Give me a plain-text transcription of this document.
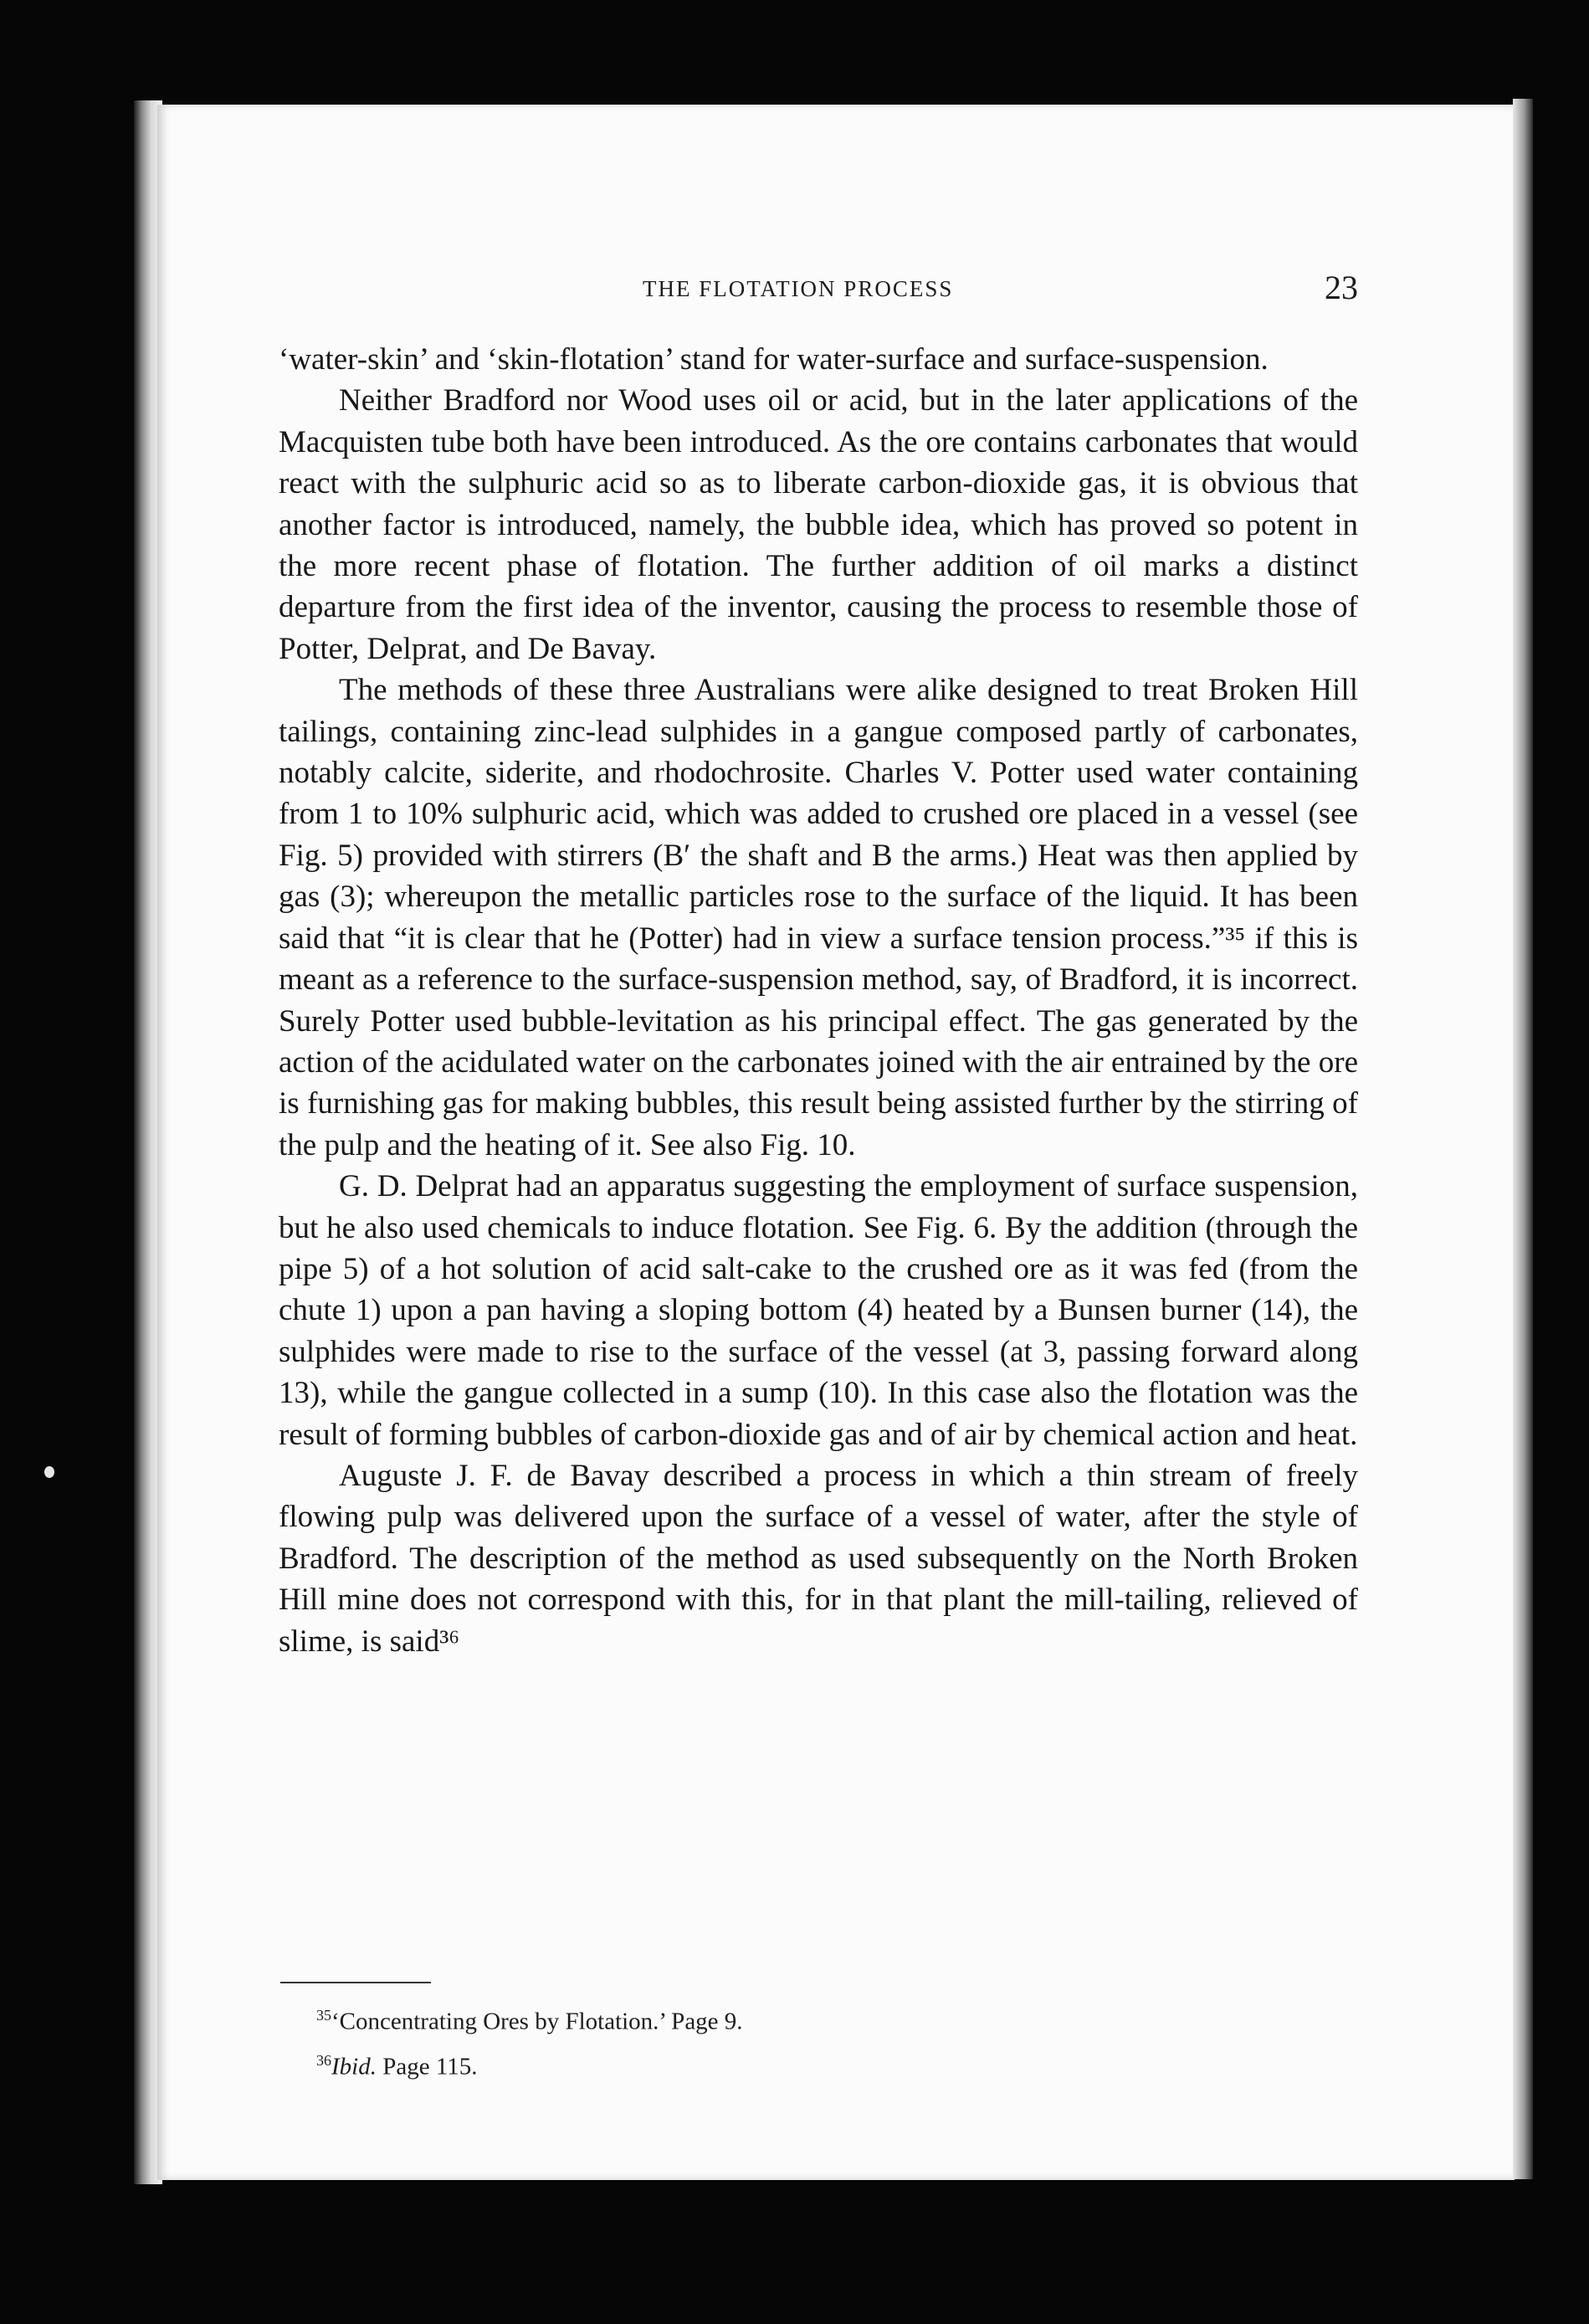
THE FLOTATION PROCESS	23

‘water-skin’ and ‘skin-flotation’ stand for water-surface and surface-suspension.

Neither Bradford nor Wood uses oil or acid, but in the later applications of the Macquisten tube both have been introduced. As the ore contains carbonates that would react with the sulphuric acid so as to liberate carbon-dioxide gas, it is obvious that another factor is introduced, namely, the bubble idea, which has proved so potent in the more recent phase of flotation. The further addition of oil marks a distinct departure from the first idea of the inventor, causing the process to resemble those of Potter, Delprat, and De Bavay.

The methods of these three Australians were alike designed to treat Broken Hill tailings, containing zinc-lead sulphides in a gangue composed partly of carbonates, notably calcite, siderite, and rhodochrosite. Charles V. Potter used water containing from 1 to 10% sulphuric acid, which was added to crushed ore placed in a vessel (see Fig. 5) provided with stirrers (B′ the shaft and B the arms.) Heat was then applied by gas (3); whereupon the metallic particles rose to the surface of the liquid. It has been said that “it is clear that he (Potter) had in view a surface tension process.”³⁵ if this is meant as a reference to the surface-suspension method, say, of Bradford, it is incorrect. Surely Potter used bubble-levitation as his principal effect. The gas generated by the action of the acidulated water on the carbonates joined with the air entrained by the ore is furnishing gas for making bubbles, this result being assisted further by the stirring of the pulp and the heating of it. See also Fig. 10.

G. D. Delprat had an apparatus suggesting the employment of surface suspension, but he also used chemicals to induce flotation. See Fig. 6. By the addition (through the pipe 5) of a hot solution of acid salt-cake to the crushed ore as it was fed (from the chute 1) upon a pan having a sloping bottom (4) heated by a Bunsen burner (14), the sulphides were made to rise to the surface of the vessel (at 3, passing forward along 13), while the gangue collected in a sump (10). In this case also the flotation was the result of forming bubbles of carbon-dioxide gas and of air by chemical action and heat.

Auguste J. F. de Bavay described a process in which a thin stream of freely flowing pulp was delivered upon the surface of a vessel of water, after the style of Bradford. The description of the method as used subsequently on the North Broken Hill mine does not correspond with this, for in that plant the mill-tailing, relieved of slime, is said³⁶

$^{35}$‘Concentrating Ores by Flotation.’ Page 9.
$^{36}$Ibid. Page 115.
